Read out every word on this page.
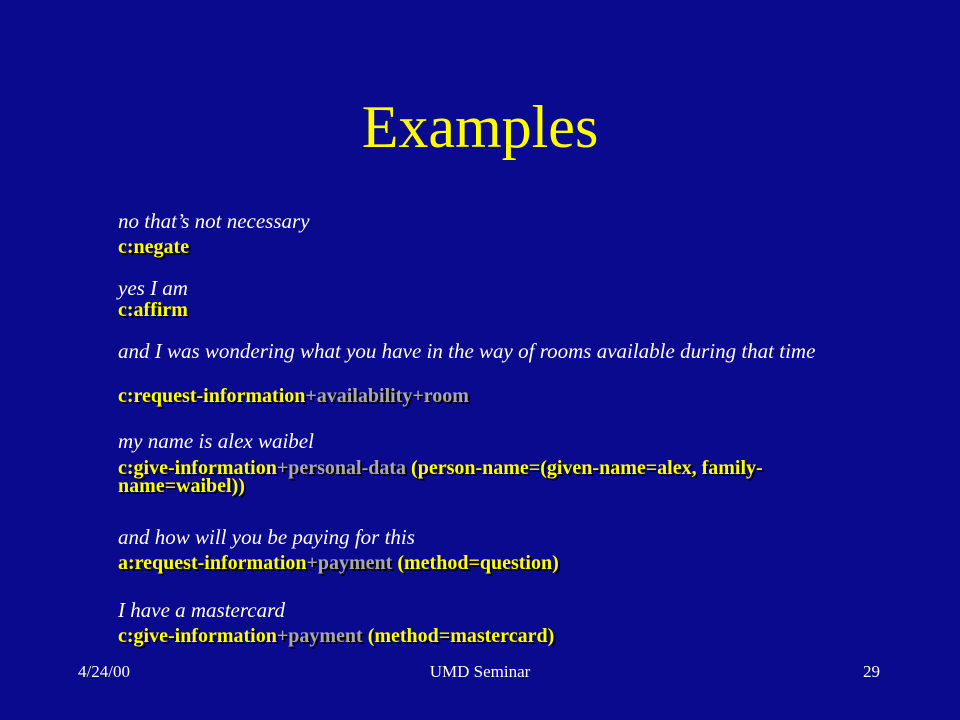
Examples
no that’s not necessary
c:negate
yes I am
c:affirm
and I was wondering what you have in the way of rooms available during that time
c:request-information+availability+room
my name is alex waibel
c:give-information+personal-data (person-name=(given-name=alex, family-name=waibel))
and how will you be paying for this
a:request-information+payment (method=question)
I have a mastercard
c:give-information+payment (method=mastercard)
4/24/00	UMD Seminar	29
